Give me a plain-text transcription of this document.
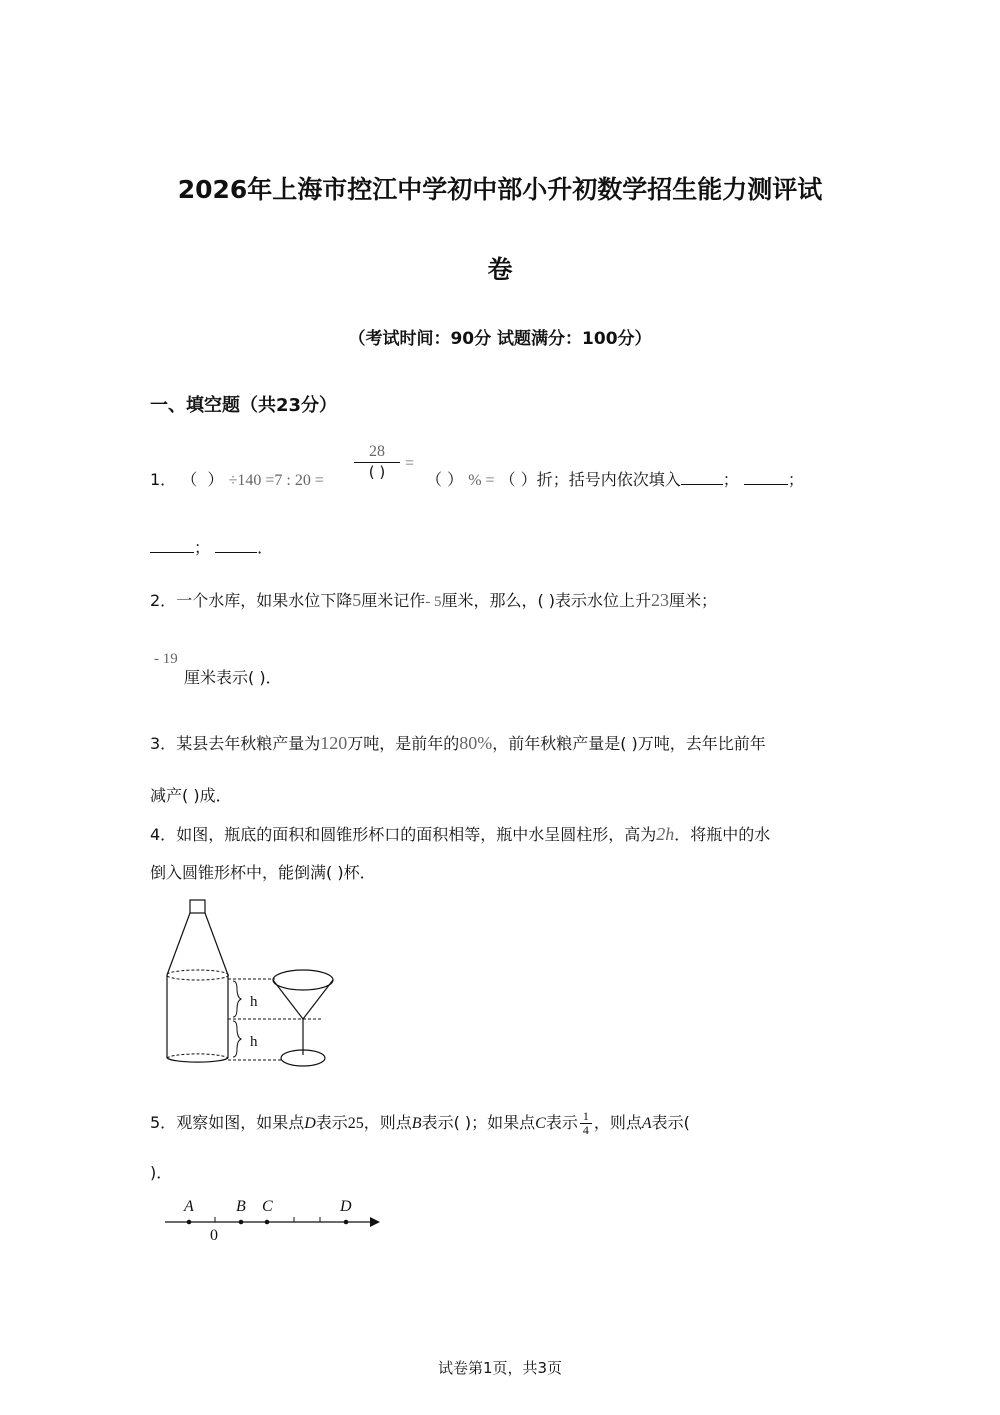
2026年上海市控江中学初中部小升初数学招生能力测评试
卷
（考试时间：90分 试题满分：100分）
一、填空题（共23分）
1． （ ） ÷140 =7 : 20 =
28
( )	=
（ ） % = （ ）折；括号内依次填入	；	；
；	．
2．一个水库，如果水位下降5厘米记作- 5厘米，那么，( )表示水位上升23厘米；
- 19
厘米表示( )．
3．某县去年秋粮产量为120万吨，是前年的80%，前年秋粮产量是( )万吨，去年比前年
减产( )成．
4．如图，瓶底的面积和圆锥形杯口的面积相等，瓶中水呈圆柱形，高为2h．将瓶中的水
倒入圆锥形杯中，能倒满( )杯．
h
h
5．观察如图，如果点D表示25，则点B表示( )；如果点C表示 $\frac{1}{4}$ ，则点A表示(
)．
A	B C	D
0
试卷第1页，共3页
